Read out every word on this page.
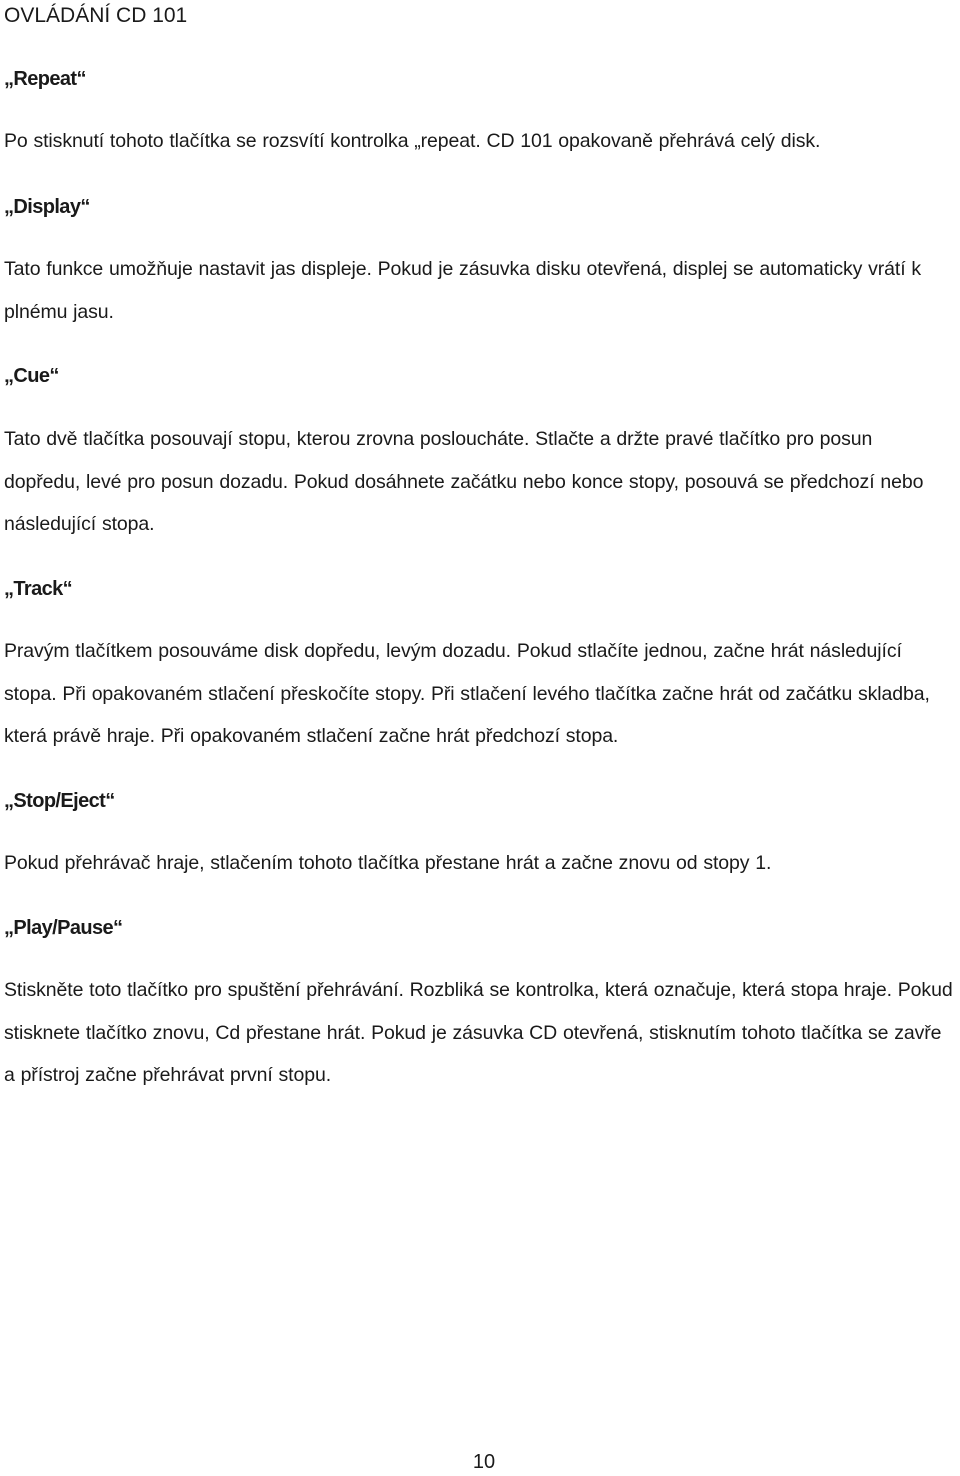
OVLÁDÁNÍ CD 101
„Repeat“
Po stisknutí tohoto tlačítka se rozsvítí kontrolka „repeat. CD 101 opakovaně přehrává celý disk.
„Display“
Tato funkce umožňuje nastavit jas displeje. Pokud je zásuvka disku otevřená, displej se automaticky vrátí k plnému jasu.
„Cue“
Tato dvě tlačítka posouvají stopu, kterou zrovna posloucháte. Stlačte a držte pravé tlačítko pro posun dopředu, levé pro posun dozadu. Pokud dosáhnete začátku nebo konce stopy, posouvá se předchozí nebo následující stopa.
„Track“
Pravým tlačítkem posouváme disk dopředu, levým dozadu. Pokud stlačíte jednou, začne hrát následující stopa. Při opakovaném stlačení přeskočíte stopy. Při stlačení levého tlačítka začne hrát od začátku skladba, která právě hraje. Při opakovaném stlačení začne hrát předchozí stopa.
„Stop/Eject“
Pokud přehrávač hraje, stlačením tohoto tlačítka přestane hrát a začne znovu od stopy 1.
„Play/Pause“
Stiskněte toto tlačítko pro spuštění přehrávání. Rozbliká se kontrolka, která označuje, která stopa hraje. Pokud stisknete tlačítko znovu, Cd přestane hrát. Pokud je zásuvka CD otevřená, stisknutím tohoto tlačítka se zavře a přístroj začne přehrávat první stopu.
10
